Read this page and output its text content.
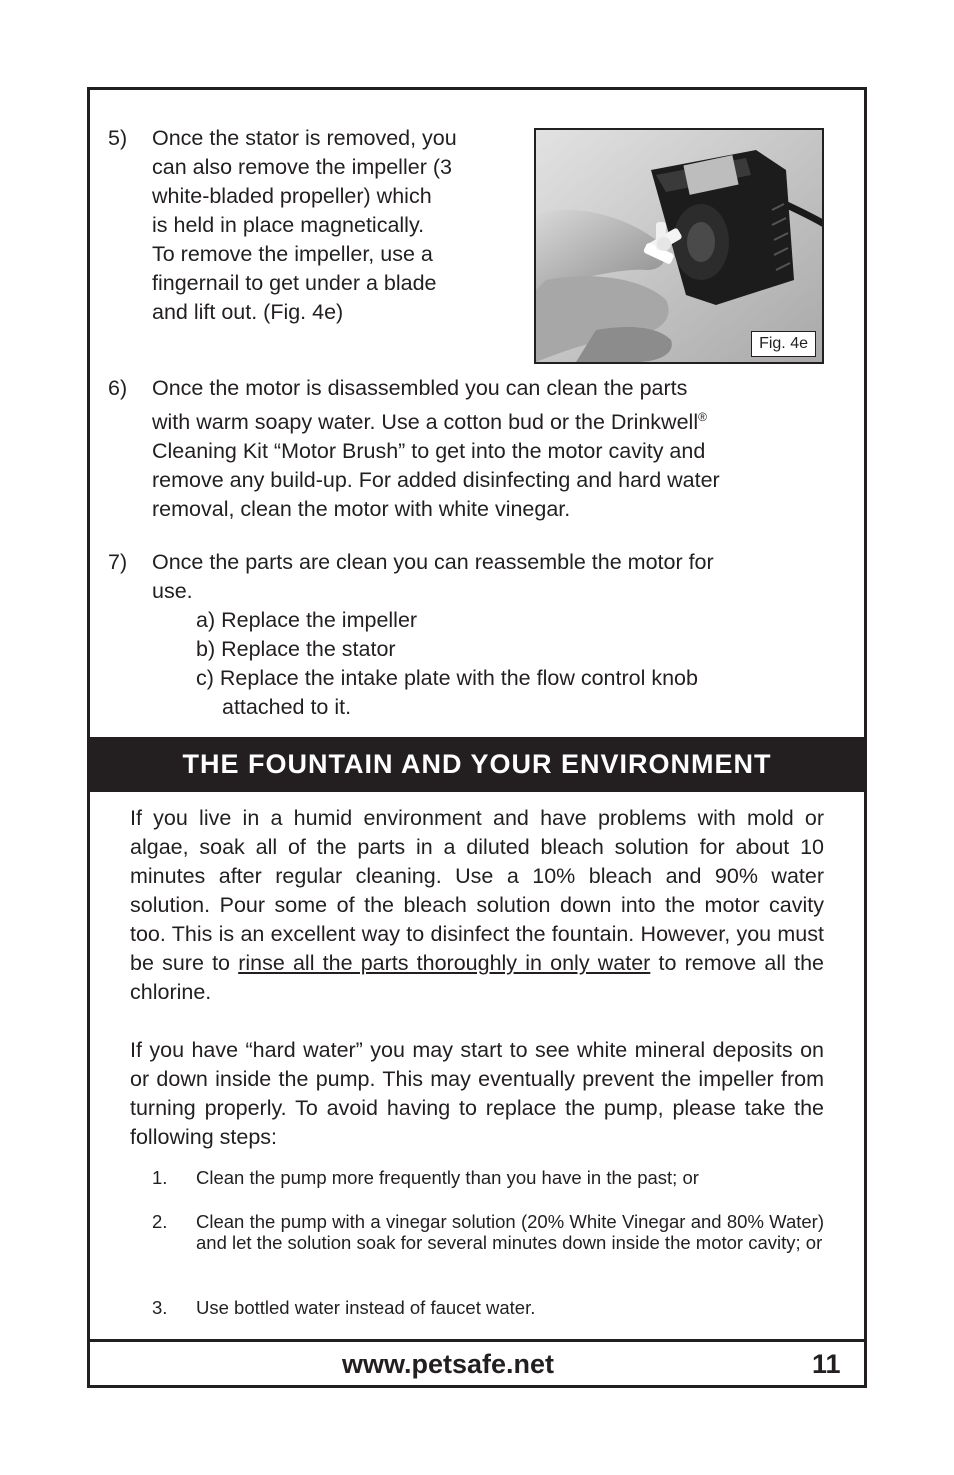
5) Once the stator is removed, you
can also remove the impeller (3
white-bladed propeller) which
is held in place magnetically.
To remove the impeller, use a
fingernail to get under a blade
and lift out. (Fig. 4e)
Fig. 4e
6) Once the motor is disassembled you can clean the parts
with warm soapy water. Use a cotton bud or the Drinkwell®
Cleaning Kit “Motor Brush” to get into the motor cavity and
remove any build-up. For added disinfecting and hard water
removal, clean the motor with white vinegar.
7) Once the parts are clean you can reassemble the motor for
use.
a) Replace the impeller
b) Replace the stator
c) Replace the intake plate with the flow control knob
attached to it.
THE FOUNTAIN AND YOUR ENVIRONMENT
If you live in a humid environment and have problems with mold or algae, soak all of the parts in a diluted bleach solution for about 10 minutes after regular cleaning. Use a 10% bleach and 90% water solution. Pour some of the bleach solution down into the motor cavity too. This is an excellent way to disinfect the fountain. However, you must be sure to rinse all the parts thoroughly in only water to remove all the chlorine.
If you have “hard water” you may start to see white mineral deposits on or down inside the pump. This may eventually prevent the impeller from turning properly. To avoid having to replace the pump, please take the following steps:
1. Clean the pump more frequently than you have in the past; or
2. Clean the pump with a vinegar solution (20% White Vinegar and 80% Water) and let the solution soak for several minutes down inside the motor cavity; or
3. Use bottled water instead of faucet water.
www.petsafe.net	11
